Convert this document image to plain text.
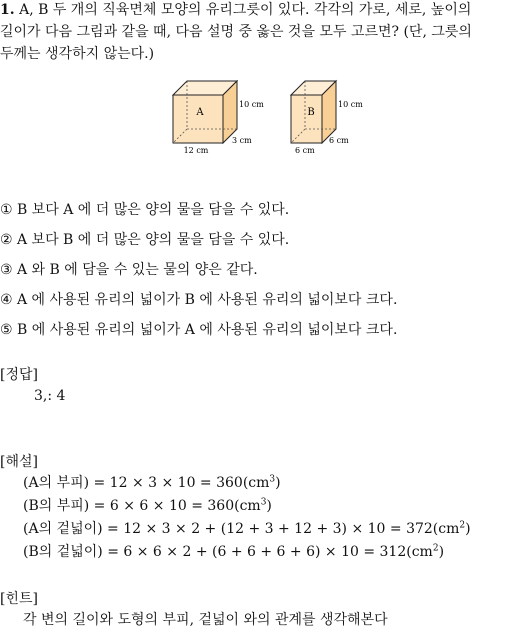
1. A, B 두 개의 직육면체 모양의 유리그릇이 있다. 각각의 가로, 세로, 높이의
길이가 다음 그림과 같을 때, 다음 설명 중 옳은 것을 모두 고르면? (단, 그릇의
두께는 생각하지 않는다.)
A
10 cm
12 cm
3 cm
B
10 cm
6 cm
6 cm
① B 보다 A 에 더 많은 양의 물을 담을 수 있다.
② A 보다 B 에 더 많은 양의 물을 담을 수 있다.
③ A 와 B 에 담을 수 있는 물의 양은 같다.
④ A 에 사용된 유리의 넓이가 B 에 사용된 유리의 넓이보다 크다.
⑤ B 에 사용된 유리의 넓이가 A 에 사용된 유리의 넓이보다 크다.
[정답]
3,: 4
[해설]
(A의 부피) = $12 \times 3 \times 10 = 360(cm^3)$
(B의 부피) = $6 \times 6 \times 10 = 360(cm^3)$
(A의 겉넓이) = $12 \times 3 \times 2 + (12 + 3 + 12 + 3) \times 10 = 372(cm^2)$
(B의 겉넓이) = $6 \times 6 \times 2 + (6 + 6 + 6 + 6) \times 10 = 312(cm^2)$
[힌트]
각 변의 길이와 도형의 부피, 겉넓이 와의 관계를 생각해본다
